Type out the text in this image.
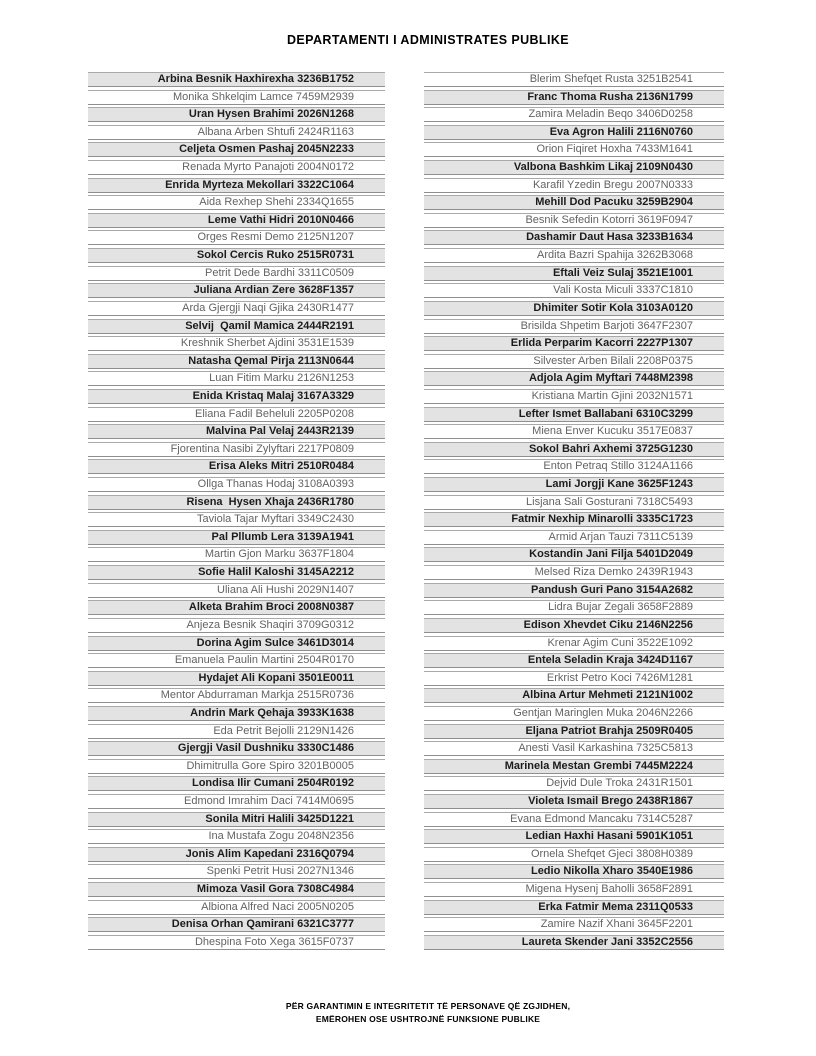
DEPARTAMENTI I ADMINISTRATES PUBLIKE
Arbina Besnik Haxhirexha 3236B1752
Monika Shkelqim Lamce 7459M2939
Uran Hysen Brahimi 2026N1268
Albana Arben Shtufi 2424R1163
Celjeta Osmen Pashaj 2045N2233
Renada Myrto Panajoti 2004N0172
Enrida Myrteza Mekollari 3322C1064
Aida Rexhep Shehi 2334Q1655
Leme Vathi Hidri 2010N0466
Orges Resmi Demo 2125N1207
Sokol Cercis Ruko 2515R0731
Petrit Dede Bardhi 3311C0509
Juliana Ardian Zere 3628F1357
Arda Gjergji Naqi Gjika 2430R1477
Selvij  Qamil Mamica 2444R2191
Kreshnik Sherbet Ajdini 3531E1539
Natasha Qemal Pirja 2113N0644
Luan Fitim Marku 2126N1253
Enida Kristaq Malaj 3167A3329
Eliana Fadil Beheluli 2205P0208
Malvina Pal Velaj 2443R2139
Fjorentina Nasibi Zylyftari 2217P0809
Erisa Aleks Mitri 2510R0484
Ollga Thanas Hodaj 3108A0393
Risena  Hysen Xhaja 2436R1780
Taviola Tajar Myftari 3349C2430
Pal Pllumb Lera 3139A1941
Martin Gjon Marku 3637F1804
Sofie Halil Kaloshi 3145A2212
Uliana Ali Hushi 2029N1407
Alketa Brahim Broci 2008N0387
Anjeza Besnik Shaqiri 3709G0312
Dorina Agim Sulce 3461D3014
Emanuela Paulin Martini 2504R0170
Hydajet Ali Kopani 3501E0011
Mentor Abdurraman Markja 2515R0736
Andrin Mark Qehaja 3933K1638
Eda Petrit Bejolli 2129N1426
Gjergji Vasil Dushniku 3330C1486
Dhimitrulla Gore Spiro 3201B0005
Londisa Ilir Cumani 2504R0192
Edmond Imrahim Daci 7414M0695
Sonila Mitri Halili 3425D1221
Ina Mustafa Zogu 2048N2356
Jonis Alim Kapedani 2316Q0794
Spenki Petrit Husi 2027N1346
Mimoza Vasil Gora 7308C4984
Albiona Alfred Naci 2005N0205
Denisa Orhan Qamirani 6321C3777
Dhespina Foto Xega 3615F0737
Blerim Shefqet Rusta 3251B2541
Franc Thoma Rusha 2136N1799
Zamira Meladin Beqo 3406D0258
Eva Agron Halili 2116N0760
Orion Fiqiret Hoxha 7433M1641
Valbona Bashkim Likaj 2109N0430
Karafil Yzedin Bregu 2007N0333
Mehill Dod Pacuku 3259B2904
Besnik Sefedin Kotorri 3619F0947
Dashamir Daut Hasa 3233B1634
Ardita Bazri Spahija 3262B3068
Eftali Veiz Sulaj 3521E1001
Vali Kosta Miculi 3337C1810
Dhimiter Sotir Kola 3103A0120
Brisilda Shpetim Barjoti 3647F2307
Erlida Perparim Kacorri 2227P1307
Silvester Arben Bilali 2208P0375
Adjola Agim Myftari 7448M2398
Kristiana Martin Gjini 2032N1571
Lefter Ismet Ballabani 6310C3299
Miena Enver Kucuku 3517E0837
Sokol Bahri Axhemi 3725G1230
Enton Petraq Stillo 3124A1166
Lami Jorgji Kane 3625F1243
Lisjana Sali Gosturani 7318C5493
Fatmir Nexhip Minarolli 3335C1723
Armid Arjan Tauzi 7311C5139
Kostandin Jani Filja 5401D2049
Melsed Riza Demko 2439R1943
Pandush Guri Pano 3154A2682
Lidra Bujar Zegali 3658F2889
Edison Xhevdet Ciku 2146N2256
Krenar Agim Cuni 3522E1092
Entela Seladin Kraja 3424D1167
Erkrist Petro Koci 7426M1281
Albina Artur Mehmeti 2121N1002
Gentjan Maringlen Muka 2046N2266
Eljana Patriot Brahja 2509R0405
Anesti Vasil Karkashina 7325C5813
Marinela Mestan Grembi 7445M2224
Dejvid Dule Troka 2431R1501
Violeta Ismail Brego 2438R1867
Evana Edmond Mancaku 7314C5287
Ledian Haxhi Hasani 5901K1051
Ornela Shefqet Gjeci 3808H0389
Ledio Nikolla Xharo 3540E1986
Migena Hysenj Baholli 3658F2891
Erka Fatmir Mema 2311Q0533
Zamire Nazif Xhani 3645F2201
Laureta Skender Jani 3352C2556
PËR GARANTIMIN E INTEGRITETIT TË PERSONAVE QË ZGJIDHEN,
EMËROHEN OSE USHTROJNË FUNKSIONE PUBLIKE
